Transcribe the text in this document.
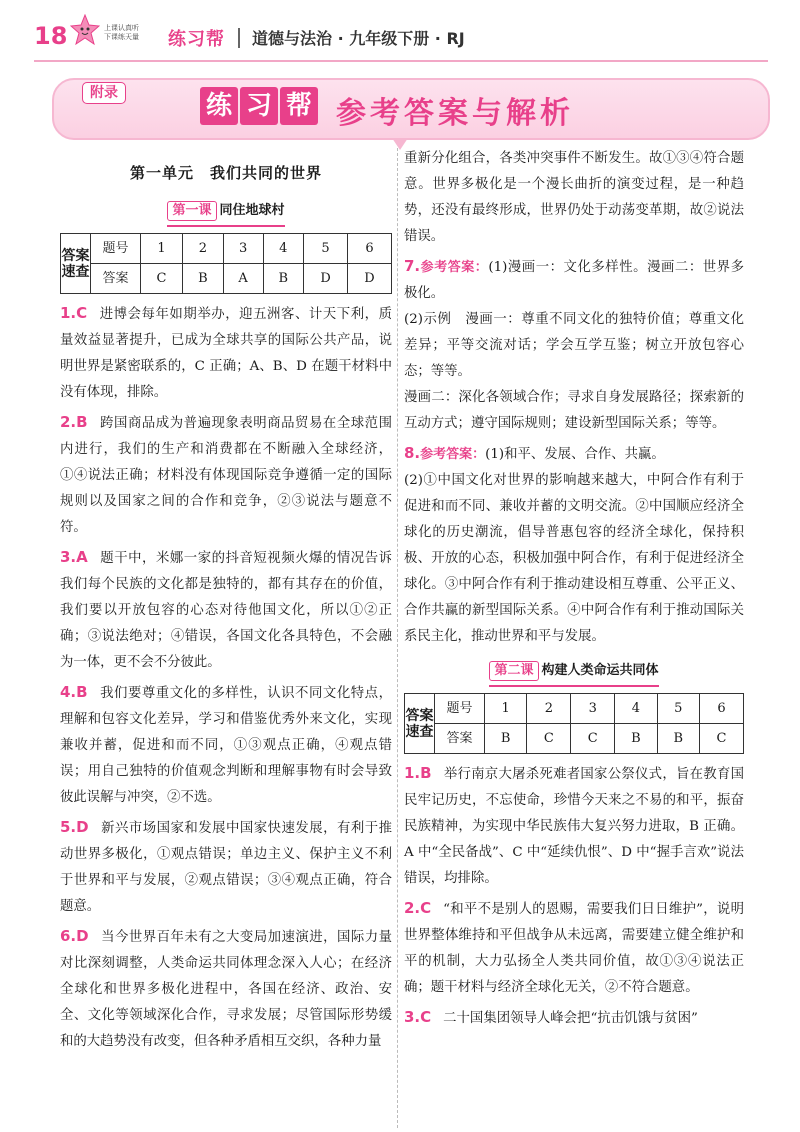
18	上课认真听
下课练天量 练习帮 道德与法治 · 九年级下册 · RJ
附录	练 习 帮 参考答案与解析
第一单元　我们共同的世界
第一课 同住地球村
答案速查	题号	1	2	3	4	5	6
	答案	C	B	A	B	D	D
1.C 进博会每年如期举办，迎五洲客、计天下利，质量效益显著提升，已成为全球共享的国际公共产品，说明世界是紧密联系的，C 正确；A、B、D 在题干材料中没有体现，排除。
2.B 跨国商品成为普遍现象表明商品贸易在全球范围内进行，我们的生产和消费都在不断融入全球经济，①④说法正确；材料没有体现国际竞争遵循一定的国际规则以及国家之间的合作和竞争，②③说法与题意不符。
3.A 题干中，米娜一家的抖音短视频火爆的情况告诉我们每个民族的文化都是独特的，都有其存在的价值，我们要以开放包容的心态对待他国文化，所以①②正确；③说法绝对；④错误，各国文化各具特色，不会融为一体，更不会不分彼此。
4.B 我们要尊重文化的多样性，认识不同文化特点，理解和包容文化差异，学习和借鉴优秀外来文化，实现兼收并蓄，促进和而不同，①③观点正确，④观点错误；用自己独特的价值观念判断和理解事物有时会导致彼此误解与冲突，②不选。
5.D 新兴市场国家和发展中国家快速发展，有利于推动世界多极化，①观点错误；单边主义、保护主义不利于世界和平与发展，②观点错误；③④观点正确，符合题意。
6.D 当今世界百年未有之大变局加速演进，国际力量对比深刻调整，人类命运共同体理念深入人心；在经济全球化和世界多极化进程中，各国在经济、政治、安全、文化等领域深化合作，寻求发展；尽管国际形势缓和的大趋势没有改变，但各种矛盾相互交织，各种力量
重新分化组合，各类冲突事件不断发生。故①③④符合题意。世界多极化是一个漫长曲折的演变过程，是一种趋势，还没有最终形成，世界仍处于动荡变革期，故②说法错误。
7.参考答案：(1)漫画一：文化多样性。漫画二：世界多极化。
(2)示例　漫画一：尊重不同文化的独特价值；尊重文化差异；平等交流对话；学会互学互鉴；树立开放包容心态；等等。
漫画二：深化各领域合作；寻求自身发展路径；探索新的互动方式；遵守国际规则；建设新型国际关系；等等。
8.参考答案：(1)和平、发展、合作、共赢。
(2)①中国文化对世界的影响越来越大，中阿合作有利于促进和而不同、兼收并蓄的文明交流。②中国顺应经济全球化的历史潮流，倡导普惠包容的经济全球化，保持积极、开放的心态，积极加强中阿合作，有利于促进经济全球化。③中阿合作有利于推动建设相互尊重、公平正义、合作共赢的新型国际关系。④中阿合作有利于推动国际关系民主化，推动世界和平与发展。
第二课 构建人类命运共同体
答案速查	题号	1	2	3	4	5	6
	答案	B	C	C	B	B	C
1.B 举行南京大屠杀死难者国家公祭仪式，旨在教育国民牢记历史，不忘使命，珍惜今天来之不易的和平，振奋民族精神，为实现中华民族伟大复兴努力进取，B 正确。A 中“全民备战”、C 中“延续仇恨”、D 中“握手言欢”说法错误，均排除。
2.C “和平不是别人的恩赐，需要我们日日维护”，说明世界整体维持和平但战争从未远离，需要建立健全维护和平的机制，大力弘扬全人类共同价值，故①③④说法正确；题干材料与经济全球化无关，②不符合题意。
3.C 二十国集团领导人峰会把“抗击饥饿与贫困”
